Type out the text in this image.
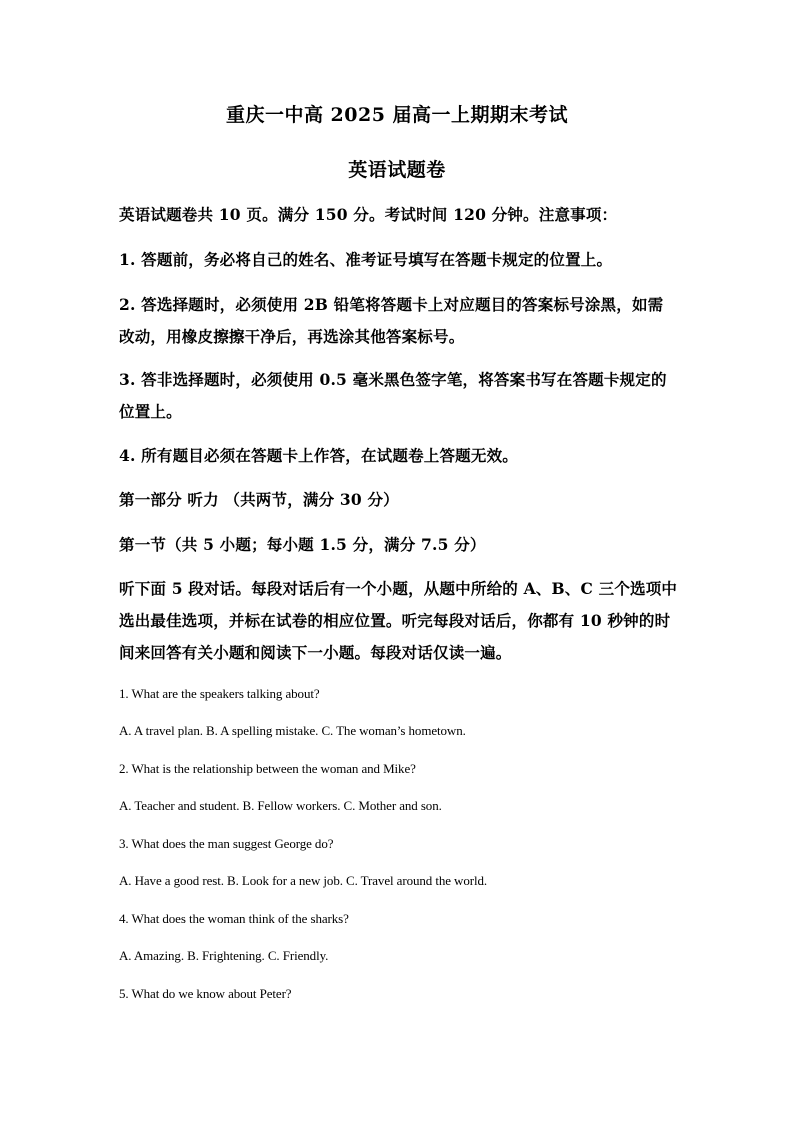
重庆一中高 2025 届高一上期期末考试
英语试题卷
英语试题卷共 10 页。满分 150 分。考试时间 120 分钟。注意事项：
1. 答题前，务必将自己的姓名、准考证号填写在答题卡规定的位置上。
2. 答选择题时，必须使用 2B 铅笔将答题卡上对应题目的答案标号涂黑，如需改动，用橡皮擦擦干净后，再选涂其他答案标号。
3. 答非选择题时，必须使用 0.5 毫米黑色签字笔，将答案书写在答题卡规定的位置上。
4. 所有题目必须在答题卡上作答，在试题卷上答题无效。
第一部分 听力 （共两节，满分 30 分）
第一节（共 5 小题；每小题 1.5 分，满分 7.5 分）
听下面 5 段对话。每段对话后有一个小题，从题中所给的 A、B、C 三个选项中选出最佳选项，并标在试卷的相应位置。听完每段对话后，你都有 10 秒钟的时间来回答有关小题和阅读下一小题。每段对话仅读一遍。
1. What are the speakers talking about?
A. A travel plan. B. A spelling mistake. C. The woman’s hometown.
2. What is the relationship between the woman and Mike?
A. Teacher and student. B. Fellow workers. C. Mother and son.
3. What does the man suggest George do?
A. Have a good rest. B. Look for a new job. C. Travel around the world.
4. What does the woman think of the sharks?
A. Amazing. B. Frightening. C. Friendly.
5. What do we know about Peter?
